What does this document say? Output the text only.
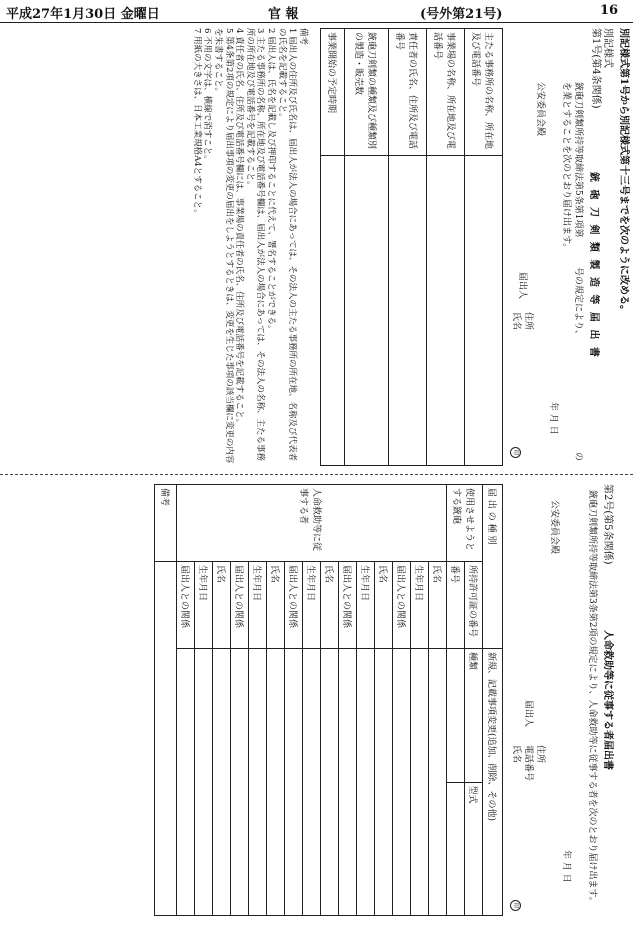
平成27年1月30日 金曜日	官 報	(号外第21号)	16
別記様式第1号から別記様式第十三号までを次のように改める。
別記様式
第1号(第4条関係)
銃 砲 刀 剣 類 製 造 等 届 出 書
銃砲刀剣類所持等取締法第5条第1項第
号の規定により、
の
を業とすることを次のとおり届け出ます。
年 月 日
公安委員会殿
届出人
住所
氏名
印
主たる事務所の名称、所在地及び電話番号	
事業場の名称、所在地及び電話番号	
責任者の氏名、住所及び電話番号	
銃砲刀剣類の種類及び種類別の製造・販売数	
事業開始の予定時期	
備考
1 届出人の住所及び氏名は、届出人が法人の場合にあっては、その法人の主たる事務所の所在地、名称及び代表者の氏名を記載すること。
2 届出人は、氏名を記載し及び押印することに代えて、署名することができる。
3 主たる事務所の名称、所在地及び電話番号欄は、届出人が法人の場合にあっては、その法人の名称、主たる事務所の所在地及び電話番号を記載すること。
4 責任者の氏名、住所及び電話番号欄には、事業場の責任者の氏名、住所及び電話番号を記載すること。
5 第4条第2項の規定により届出事項の変更の届出をしようとするときは、変更を生じた事項の該当欄に変更の内容を朱書すること。
6 不用の文字は、横線で消すこと。
7 用紙の大きさは、日本工業規格A4とすること。
第2号(第5条関係)
人命救助等に従事する者届出書
銃砲刀剣類所持等取締法第3条第2項の規定により、人命救助等に従事する者を次のとおり届け出ます。
年 月 日
公安委員会殿
届出人
住所
電話番号
氏名
印
届 出 の 種 別		新規、記載事項変更(追加、削除、その他)	
使用させようとする銃砲	所持許可証の番号	種類	型式
	番号		
人命救助等に従事する者	氏名		
	生年月日		
	届出人との関係		
	氏名		
	生年月日		
	届出人との関係		
	氏名		
	生年月日		
	届出人との関係		
	氏名		
	生年月日		
	届出人との関係		
	氏名		
	生年月日		
	届出人との関係		
備考			
